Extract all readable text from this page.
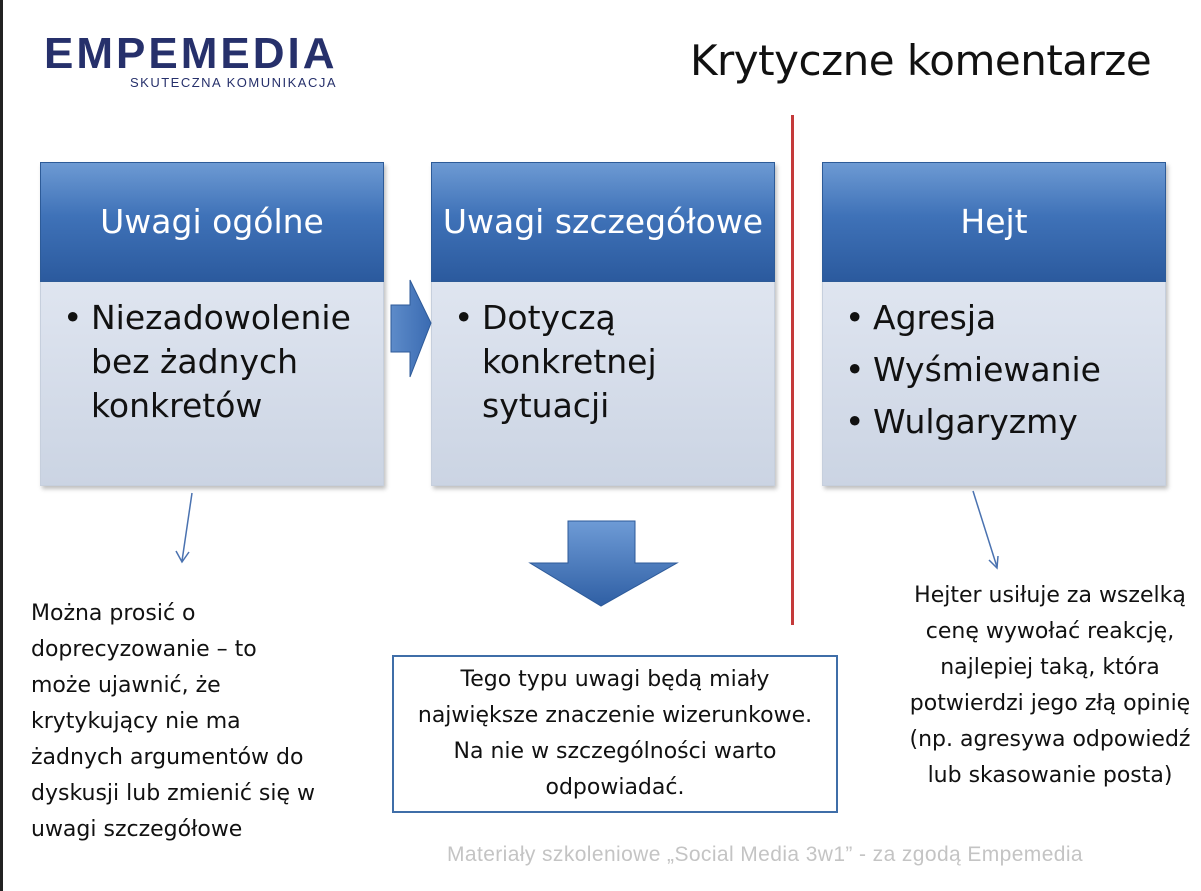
EMPEMEDIA
SKUTECZNA KOMUNIKACJA	Krytyczne komentarze
Uwagi ogólne
• Niezadowolenie bez żadnych konkretów
Uwagi szczegółowe
• Dotyczą konkretnej sytuacji
Hejt
• Agresja
• Wyśmiewanie
• Wulgaryzmy
Można prosić o doprecyzowanie – to może ujawnić, że krytykujący nie ma żadnych argumentów do dyskusji lub zmienić się w uwagi szczegółowe
Tego typu uwagi będą miały największe znaczenie wizerunkowe. Na nie w szczególności warto odpowiadać.
Hejter usiłuje za wszelką cenę wywołać reakcję, najlepiej taką, która potwierdzi jego złą opinię (np. agresywa odpowiedź lub skasowanie posta)
Materiały szkoleniowe „Social Media 3w1” - za zgodą Empemedia
